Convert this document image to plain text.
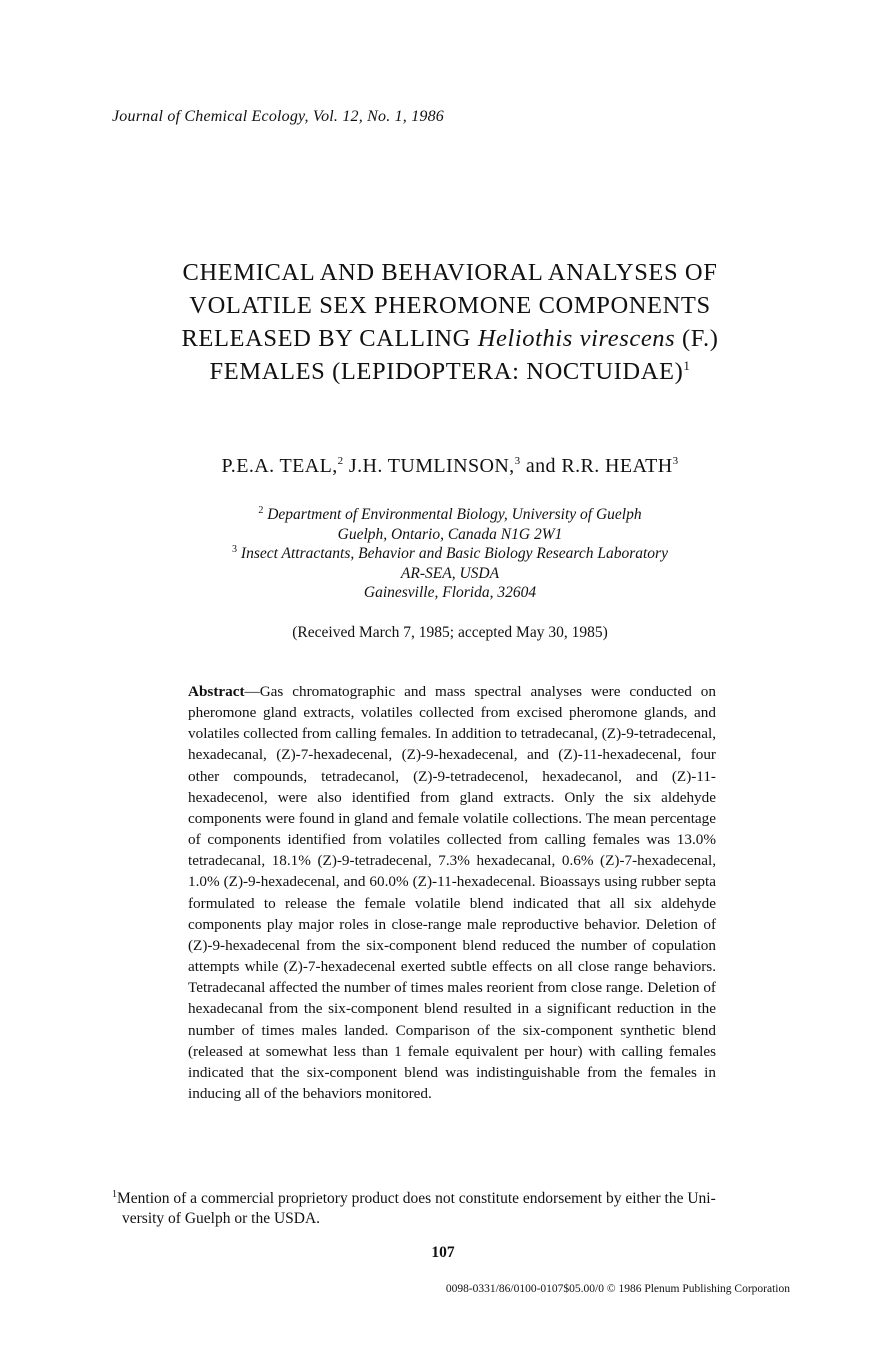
Journal of Chemical Ecology, Vol. 12, No. 1, 1986
CHEMICAL AND BEHAVIORAL ANALYSES OF
VOLATILE SEX PHEROMONE COMPONENTS
RELEASED BY CALLING Heliothis virescens (F.)
FEMALES (LEPIDOPTERA: NOCTUIDAE)$^1$
P.E.A. TEAL,$^2$ J.H. TUMLINSON,$^3$ and R.R. HEATH$^3$
$^2$ Department of Environmental Biology, University of Guelph
Guelph, Ontario, Canada N1G 2W1
$^3$ Insect Attractants, Behavior and Basic Biology Research Laboratory
AR-SEA, USDA
Gainesville, Florida, 32604
(Received March 7, 1985; accepted May 30, 1985)
Abstract—Gas chromatographic and mass spectral analyses were conducted on pheromone gland extracts, volatiles collected from excised pheromone glands, and volatiles collected from calling females. In addition to tetradecanal, (Z)-9-tetradecenal, hexadecanal, (Z)-7-hexadecenal, (Z)-9-hexadecenal, and (Z)-11-hexadecenal, four other compounds, tetradecanol, (Z)-9-tetradecenol, hexadecanol, and (Z)-11-hexadecenol, were also identified from gland extracts. Only the six aldehyde components were found in gland and female volatile collections. The mean percentage of components identified from volatiles collected from calling females was 13.0% tetradecanal, 18.1% (Z)-9-tetradecenal, 7.3% hexadecanal, 0.6% (Z)-7-hexadecenal, 1.0% (Z)-9-hexadecenal, and 60.0% (Z)-11-hexadecenal. Bioassays using rubber septa formulated to release the female volatile blend indicated that all six aldehyde components play major roles in close-range male reproductive behavior. Deletion of (Z)-9-hexadecenal from the six-component blend reduced the number of copulation attempts while (Z)-7-hexadecenal exerted subtle effects on all close range behaviors. Tetradecanal affected the number of times males reorient from close range. Deletion of hexadecanal from the six-component blend resulted in a significant reduction in the number of times males landed. Comparison of the six-component synthetic blend (released at somewhat less than 1 female equivalent per hour) with calling females indicated that the six-component blend was indistinguishable from the females in inducing all of the behaviors monitored.
$^1$Mention of a commercial proprietory product does not constitute endorsement by either the Uni-
versity of Guelph or the USDA.
107
0098-0331/86/0100-0107$05.00/0 © 1986 Plenum Publishing Corporation
